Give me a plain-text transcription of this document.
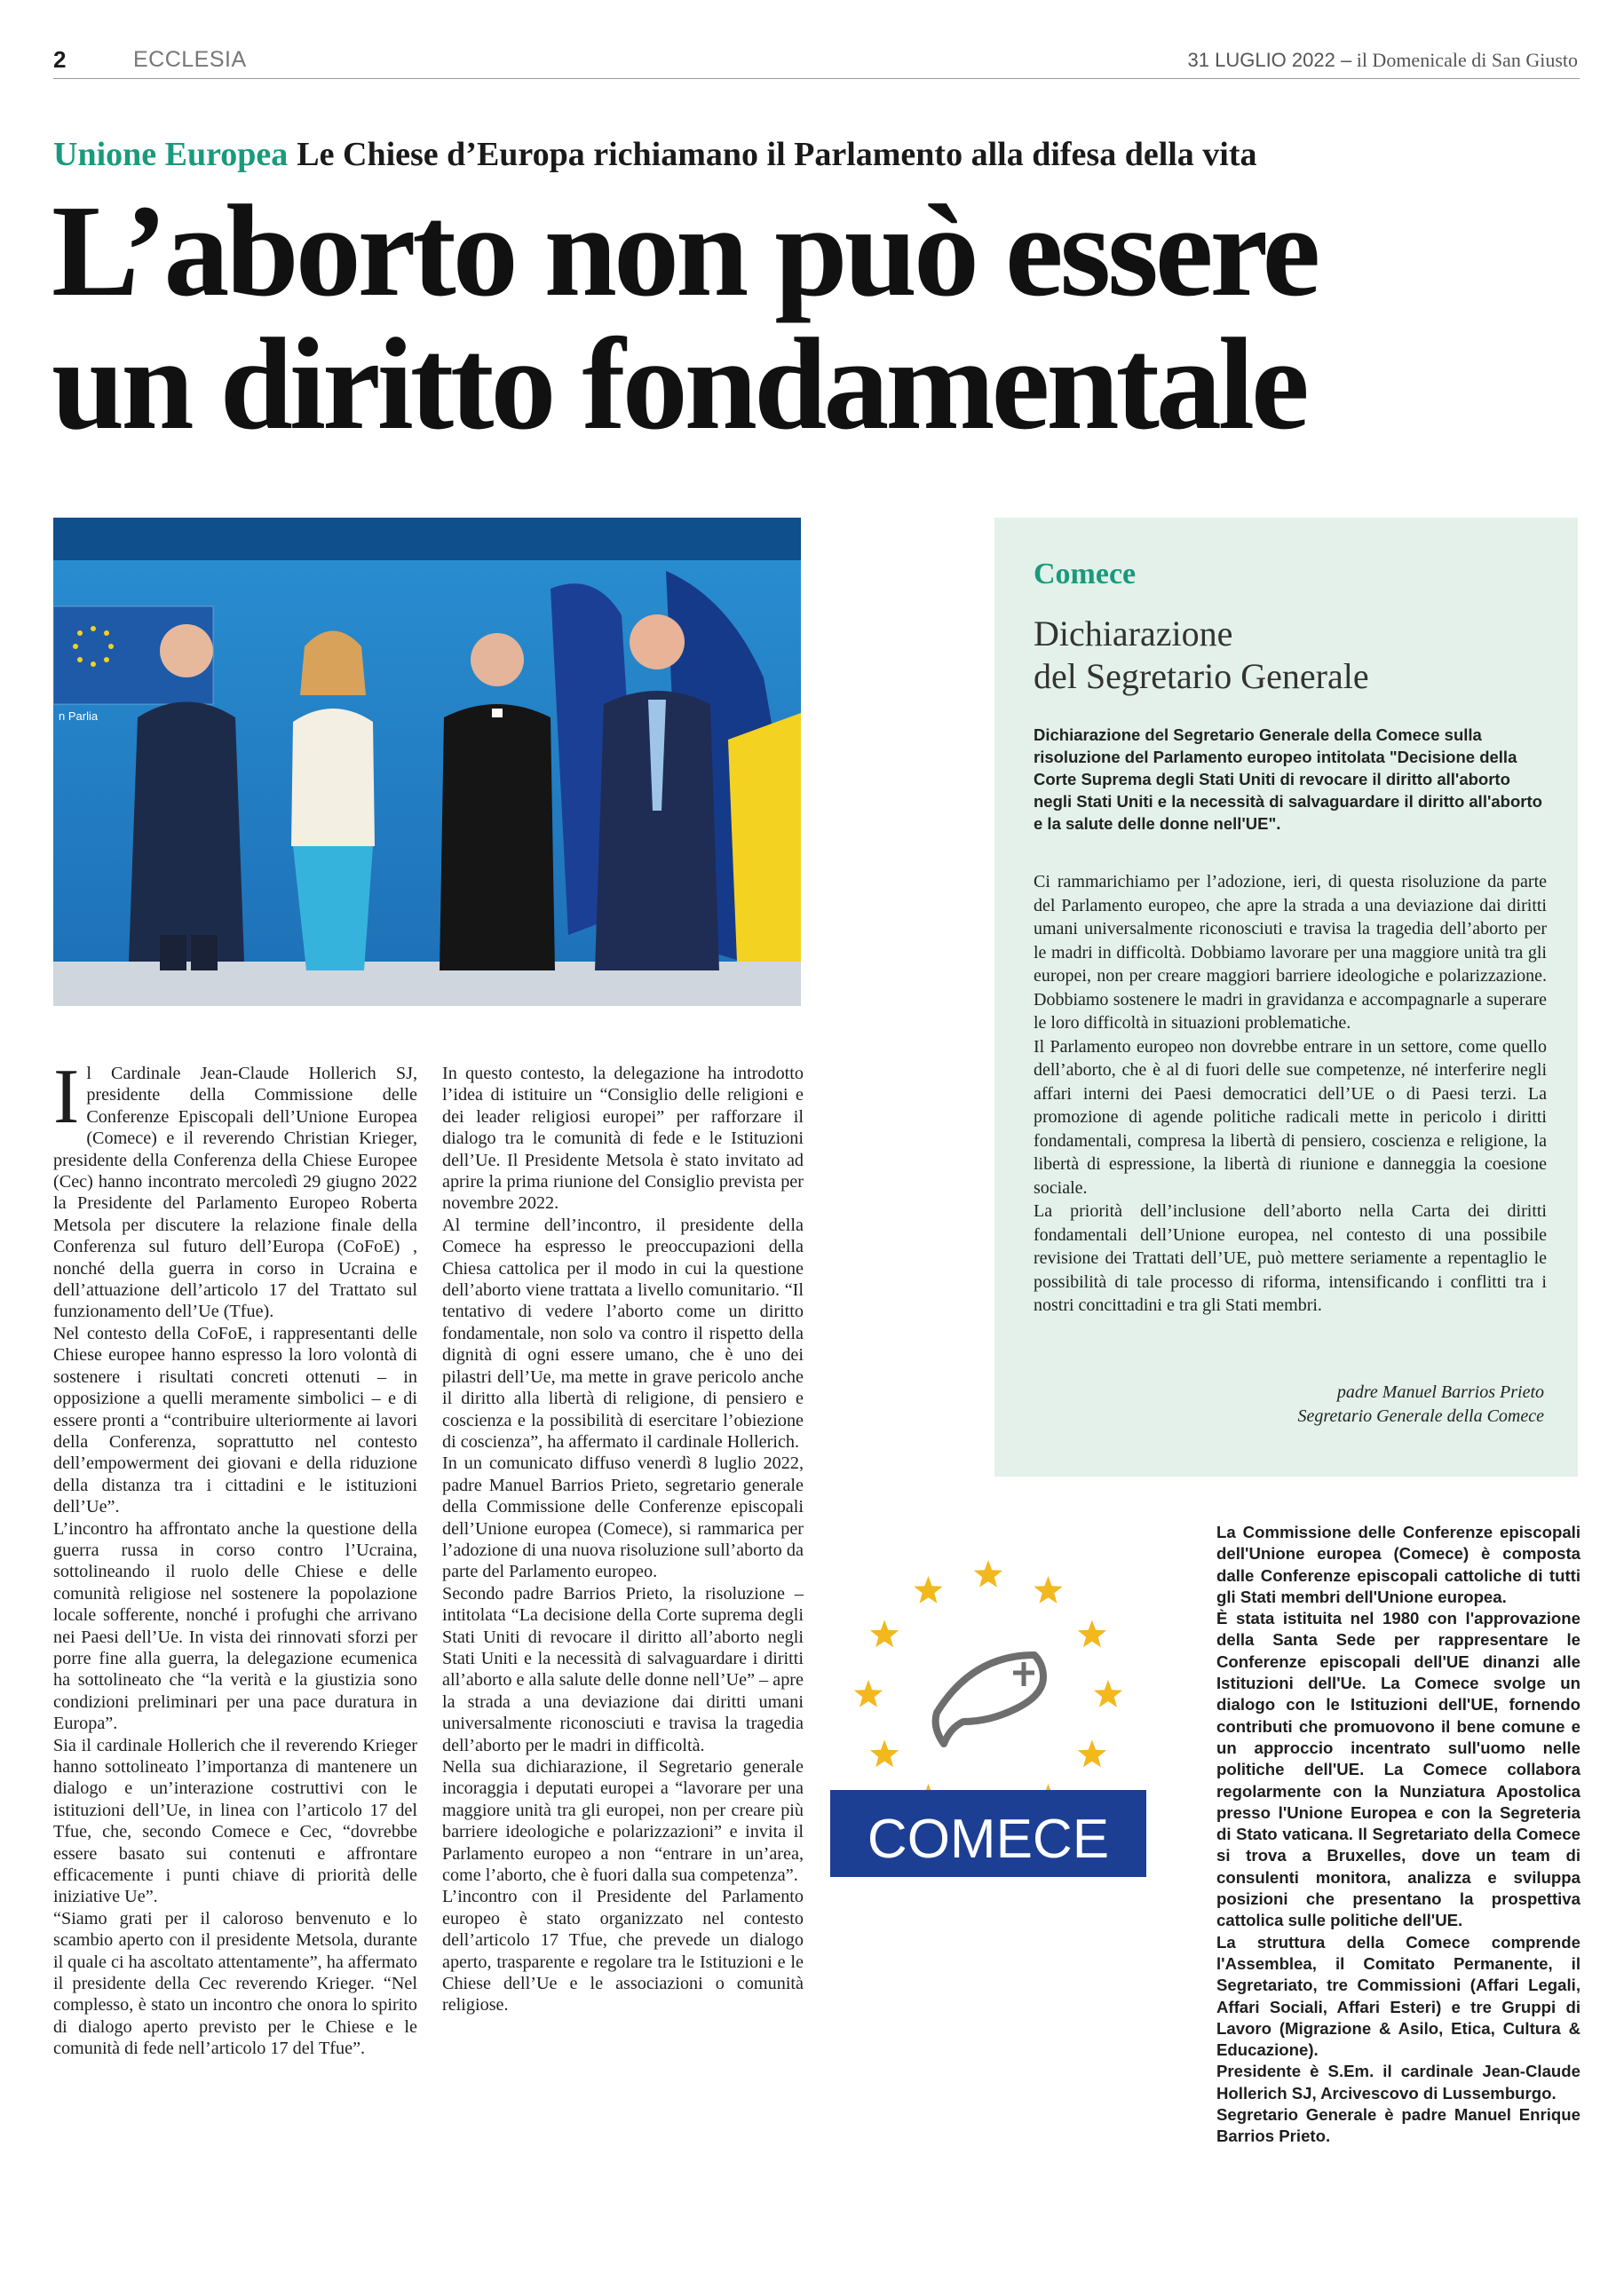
2	ECCLESIA	31 LUGLIO 2022 – il Domenicale di San Giusto
Unione Europea Le Chiese d’Europa richiamano il Parlamento alla difesa della vita
L’aborto non può essere
un diritto fondamentale
n Parlia
Comece
Dichiarazione
del Segretario Generale
Dichiarazione del Segretario Generale della Comece sulla risoluzione del Parlamento europeo intitolata "Decisione della Corte Suprema degli Stati Uniti di revocare il diritto all'aborto negli Stati Uniti e la necessità di salvaguardare il diritto all'aborto e la salute delle donne nell'UE".

Ci rammarichiamo per l’adozione, ieri, di questa risoluzione da parte del Parlamento europeo, che apre la strada a una deviazione dai diritti umani universalmente riconosciuti e travisa la tragedia dell’aborto per le madri in difficoltà. Dobbiamo lavorare per una maggiore unità tra gli europei, non per creare maggiori barriere ideologiche e polarizzazione. Dobbiamo sostenere le madri in gravidanza e accompagnarle a superare le loro difficoltà in situazioni problematiche.

Il Parlamento europeo non dovrebbe entrare in un settore, come quello dell’aborto, che è al di fuori delle sue competenze, né interferire negli affari interni dei Paesi democratici dell’UE o di Paesi terzi. La promozione di agende politiche radicali mette in pericolo i diritti fondamentali, compresa la libertà di pensiero, coscienza e religione, la libertà di espressione, la libertà di riunione e danneggia la coesione sociale.

La priorità dell’inclusione dell’aborto nella Carta dei diritti fondamentali dell’Unione europea, nel contesto di una possibile revisione dei Trattati dell’UE, può mettere seriamente a repentaglio le possibilità di tale processo di riforma, intensificando i conflitti tra i nostri concittadini e tra gli Stati membri.

padre Manuel Barrios Prieto
Segretario Generale della Comece

Il Cardinale Jean-Claude Hollerich SJ, presidente della Commissione delle Conferenze Episcopali dell’Unione Europea (Comece) e il reverendo Christian Krieger, presidente della Conferenza della Chiese Europee (Cec) hanno incontrato mercoledì 29 giugno 2022 la Presidente del Parlamento Europeo Roberta Metsola per discutere la relazione finale della Conferenza sul futuro dell’Europa (CoFoE) , nonché della guerra in corso in Ucraina e dell’attuazione dell’articolo 17 del Trattato sul funzionamento dell’Ue (Tfue).

Nel contesto della CoFoE, i rappresentanti delle Chiese europee hanno espresso la loro volontà di sostenere i risultati concreti ottenuti – in opposizione a quelli meramente simbolici – e di essere pronti a “contribuire ulteriormente ai lavori della Conferenza, soprattutto nel contesto dell’empowerment dei giovani e della riduzione della distanza tra i cittadini e le istituzioni dell’Ue”.

L’incontro ha affrontato anche la questione della guerra russa in corso contro l’Ucraina, sottolineando il ruolo delle Chiese e delle comunità religiose nel sostenere la popolazione locale sofferente, nonché i profughi che arrivano nei Paesi dell’Ue. In vista dei rinnovati sforzi per porre fine alla guerra, la delegazione ecumenica ha sottolineato che “la verità e la giustizia sono condizioni preliminari per una pace duratura in Europa”.

Sia il cardinale Hollerich che il reverendo Krieger hanno sottolineato l’importanza di mantenere un dialogo e un’interazione costruttivi con le istituzioni dell’Ue, in linea con l’articolo 17 del Tfue, che, secondo Comece e Cec, “dovrebbe essere basato sui contenuti e affrontare efficacemente i punti chiave di priorità delle iniziative Ue”.

“Siamo grati per il caloroso benvenuto e lo scambio aperto con il presidente Metsola, durante il quale ci ha ascoltato attentamente”, ha affermato il presidente della Cec reverendo Krieger. “Nel complesso, è stato un incontro che onora lo spirito di dialogo aperto previsto per le Chiese e le comunità di fede nell’articolo 17 del Tfue”.

In questo contesto, la delegazione ha introdotto l’idea di istituire un “Consiglio delle religioni e dei leader religiosi europei” per rafforzare il dialogo tra le comunità di fede e le Istituzioni dell’Ue. Il Presidente Metsola è stato invitato ad aprire la prima riunione del Consiglio prevista per novembre 2022.

Al termine dell’incontro, il presidente della Comece ha espresso le preoccupazioni della Chiesa cattolica per il modo in cui la questione dell’aborto viene trattata a livello comunitario. “Il tentativo di vedere l’aborto come un diritto fondamentale, non solo va contro il rispetto della dignità di ogni essere umano, che è uno dei pilastri dell’Ue, ma mette in grave pericolo anche il diritto alla libertà di religione, di pensiero e coscienza e la possibilità di esercitare l’obiezione di coscienza”, ha affermato il cardinale Hollerich.

In un comunicato diffuso venerdì 8 luglio 2022, padre Manuel Barrios Prieto, segretario generale della Commissione delle Conferenze episcopali dell’Unione europea (Comece), si rammarica per l’adozione di una nuova risoluzione sull’aborto da parte del Parlamento europeo.

Secondo padre Barrios Prieto, la risoluzione – intitolata “La decisione della Corte suprema degli Stati Uniti di revocare il diritto all’aborto negli Stati Uniti e la necessità di salvaguardare i diritti all’aborto e alla salute delle donne nell’Ue” – apre la strada a una deviazione dai diritti umani universalmente riconosciuti e travisa la tragedia dell’aborto per le madri in difficoltà.

Nella sua dichiarazione, il Segretario generale incoraggia i deputati europei a “lavorare per una maggiore unità tra gli europei, non per creare più barriere ideologiche e polarizzazioni” e invita il Parlamento europeo a non “entrare in un’area, come l’aborto, che è fuori dalla sua competenza”.

L’incontro con il Presidente del Parlamento europeo è stato organizzato nel contesto dell’articolo 17 Tfue, che prevede un dialogo aperto, trasparente e regolare tra le Istituzioni e le Chiese dell’Ue e le associazioni o comunità religiose.

COMECE

La Commissione delle Conferenze episcopali dell'Unione europea (Comece) è composta dalle Conferenze episcopali cattoliche di tutti gli Stati membri dell'Unione europea.

È stata istituita nel 1980 con l'approvazione della Santa Sede per rappresentare le Conferenze episcopali dell'UE dinanzi alle Istituzioni dell'Ue. La Comece svolge un dialogo con le Istituzioni dell'UE, fornendo contributi che promuovono il bene comune e un approccio incentrato sull'uomo nelle politiche dell'UE. La Comece collabora regolarmente con la Nunziatura Apostolica presso l'Unione Europea e con la Segreteria di Stato vaticana. Il Segretariato della Comece si trova a Bruxelles, dove un team di consulenti monitora, analizza e sviluppa posizioni che presentano la prospettiva cattolica sulle politiche dell'UE.

La struttura della Comece comprende l'Assemblea, il Comitato Permanente, il Segretariato, tre Commissioni (Affari Legali, Affari Sociali, Affari Esteri) e tre Gruppi di Lavoro (Migrazione & Asilo, Etica, Cultura & Educazione).

Presidente è S.Em. il cardinale Jean-Claude Hollerich SJ, Arcivescovo di Lussemburgo.

Segretario Generale è padre Manuel Enrique Barrios Prieto.
